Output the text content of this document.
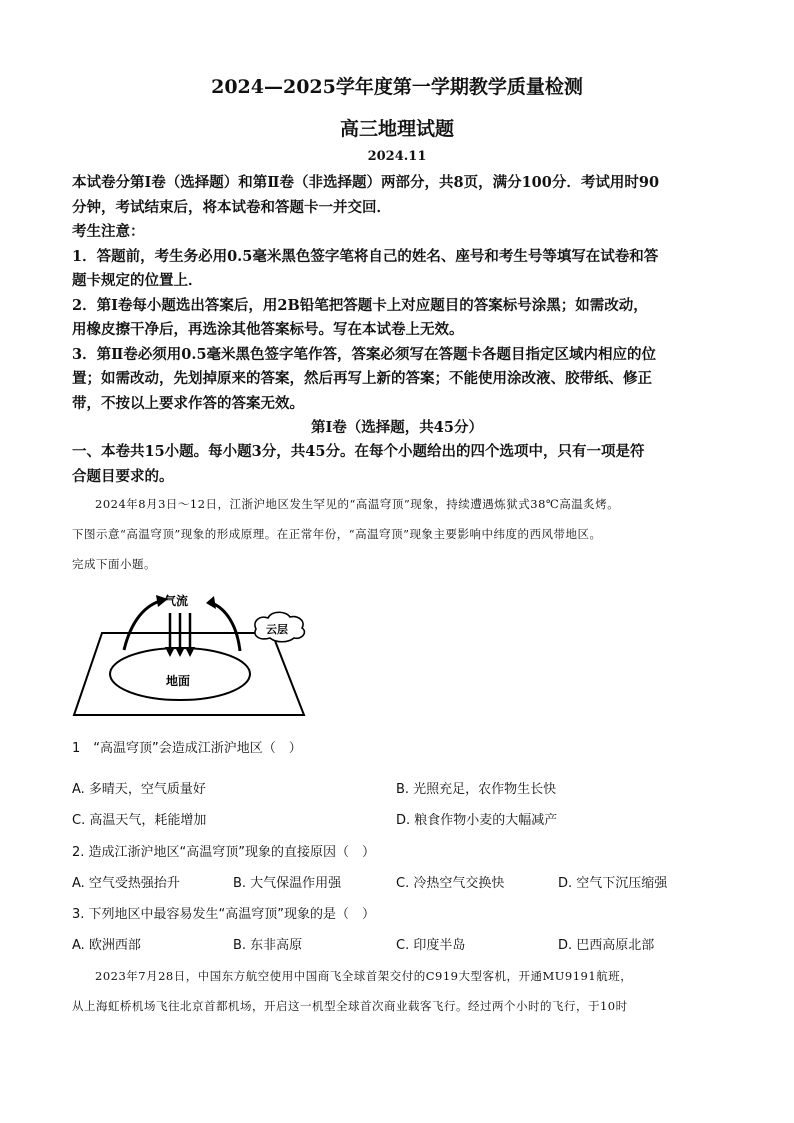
2024—2025学年度第一学期教学质量检测
高三地理试题
2024.11

本试卷分第Ⅰ卷（选择题）和第Ⅱ卷（非选择题）两部分，共8页，满分100分．考试用时90

分钟，考试结束后，将本试卷和答题卡一并交回．

考生注意：

1．答题前，考生务必用0.5毫米黑色签字笔将自己的姓名、座号和考生号等填写在试卷和答

题卡规定的位置上．

2．第Ⅰ卷每小题选出答案后，用2B铅笔把答题卡上对应题目的答案标号涂黑；如需改动，

用橡皮擦干净后，再选涂其他答案标号。写在本试卷上无效。

3．第Ⅱ卷必须用0.5毫米黑色签字笔作答，答案必须写在答题卡各题目指定区域内相应的位

置；如需改动，先划掉原来的答案，然后再写上新的答案；不能使用涂改液、胶带纸、修正

带，不按以上要求作答的答案无效。

第Ⅰ卷（选择题，共45分）

一、本卷共15小题。每小题3分，共45分。在每个小题给出的四个选项中，只有一项是符

合题目要求的。

2024年8月3日～12日，江浙沪地区发生罕见的“高温穹顶”现象，持续遭遇炼狱式38℃高温炙烤。

下图示意“高温穹顶”现象的形成原理。在正常年份，“高温穹顶”现象主要影响中纬度的西风带地区。

完成下面小题。

气流
云层
地面
1　“高温穹顶”会造成江浙沪地区（　）
A. 多晴天，空气质量好	B. 光照充足，农作物生长快
C. 高温天气，耗能增加	D. 粮食作物小麦的大幅减产
2. 造成江浙沪地区“高温穹顶”现象的直接原因（　）
A. 空气受热强抬升	B. 大气保温作用强	C. 冷热空气交换快	D. 空气下沉压缩强
3. 下列地区中最容易发生“高温穹顶”现象的是（　）
A. 欧洲西部	B. 东非高原	C. 印度半岛	D. 巴西高原北部

2023年7月28日，中国东方航空使用中国商飞全球首架交付的C919大型客机，开通MU9191航班，

从上海虹桥机场飞往北京首都机场，开启这一机型全球首次商业载客飞行。经过两个小时的飞行，于10时
